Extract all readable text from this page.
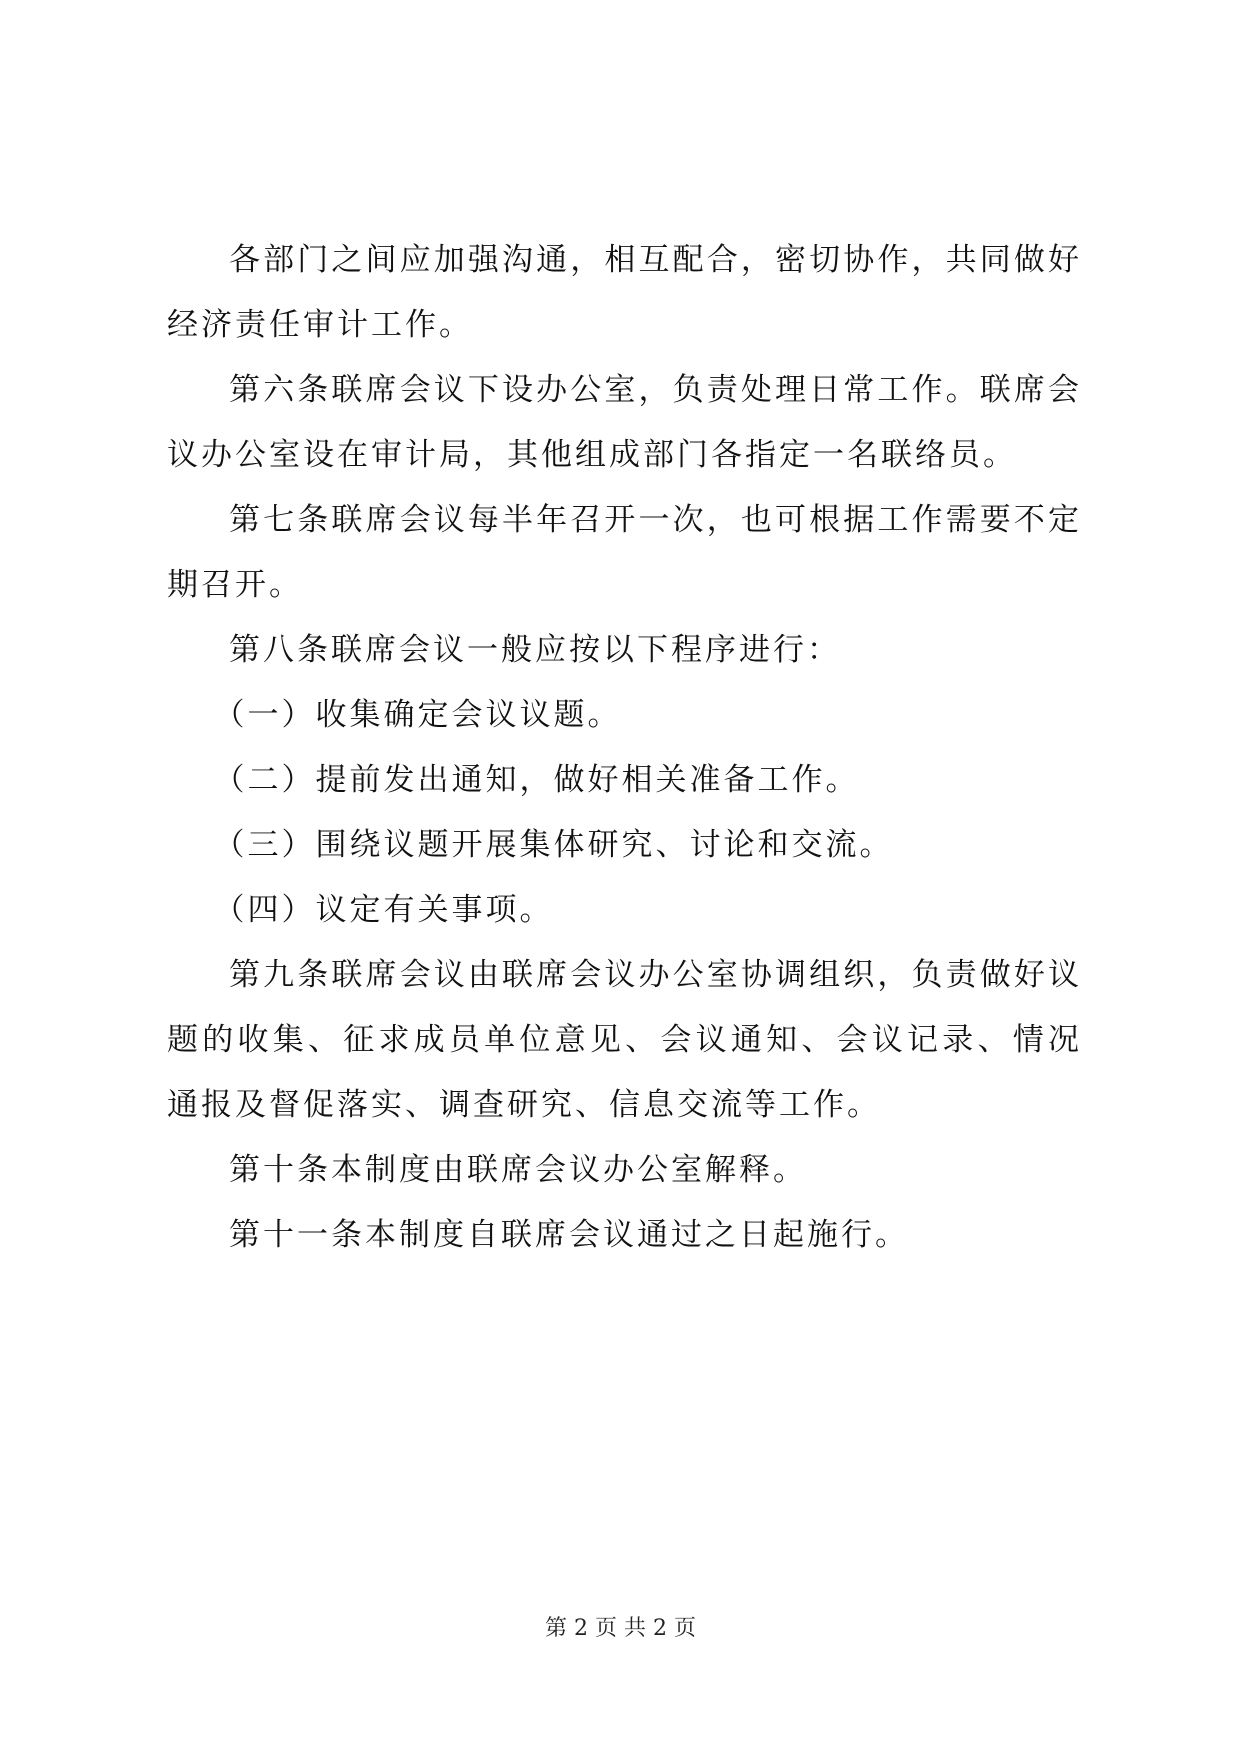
各部门之间应加强沟通，相互配合，密切协作，共同做好经济责任审计工作。

第六条联席会议下设办公室，负责处理日常工作。联席会议办公室设在审计局，其他组成部门各指定一名联络员。

第七条联席会议每半年召开一次，也可根据工作需要不定期召开。

第八条联席会议一般应按以下程序进行：

（一）收集确定会议议题。

（二）提前发出通知，做好相关准备工作。

（三）围绕议题开展集体研究、讨论和交流。

（四）议定有关事项。

第九条联席会议由联席会议办公室协调组织，负责做好议题的收集、征求成员单位意见、会议通知、会议记录、情况通报及督促落实、调查研究、信息交流等工作。

第十条本制度由联席会议办公室解释。

第十一条本制度自联席会议通过之日起施行。

第 2 页 共 2 页
